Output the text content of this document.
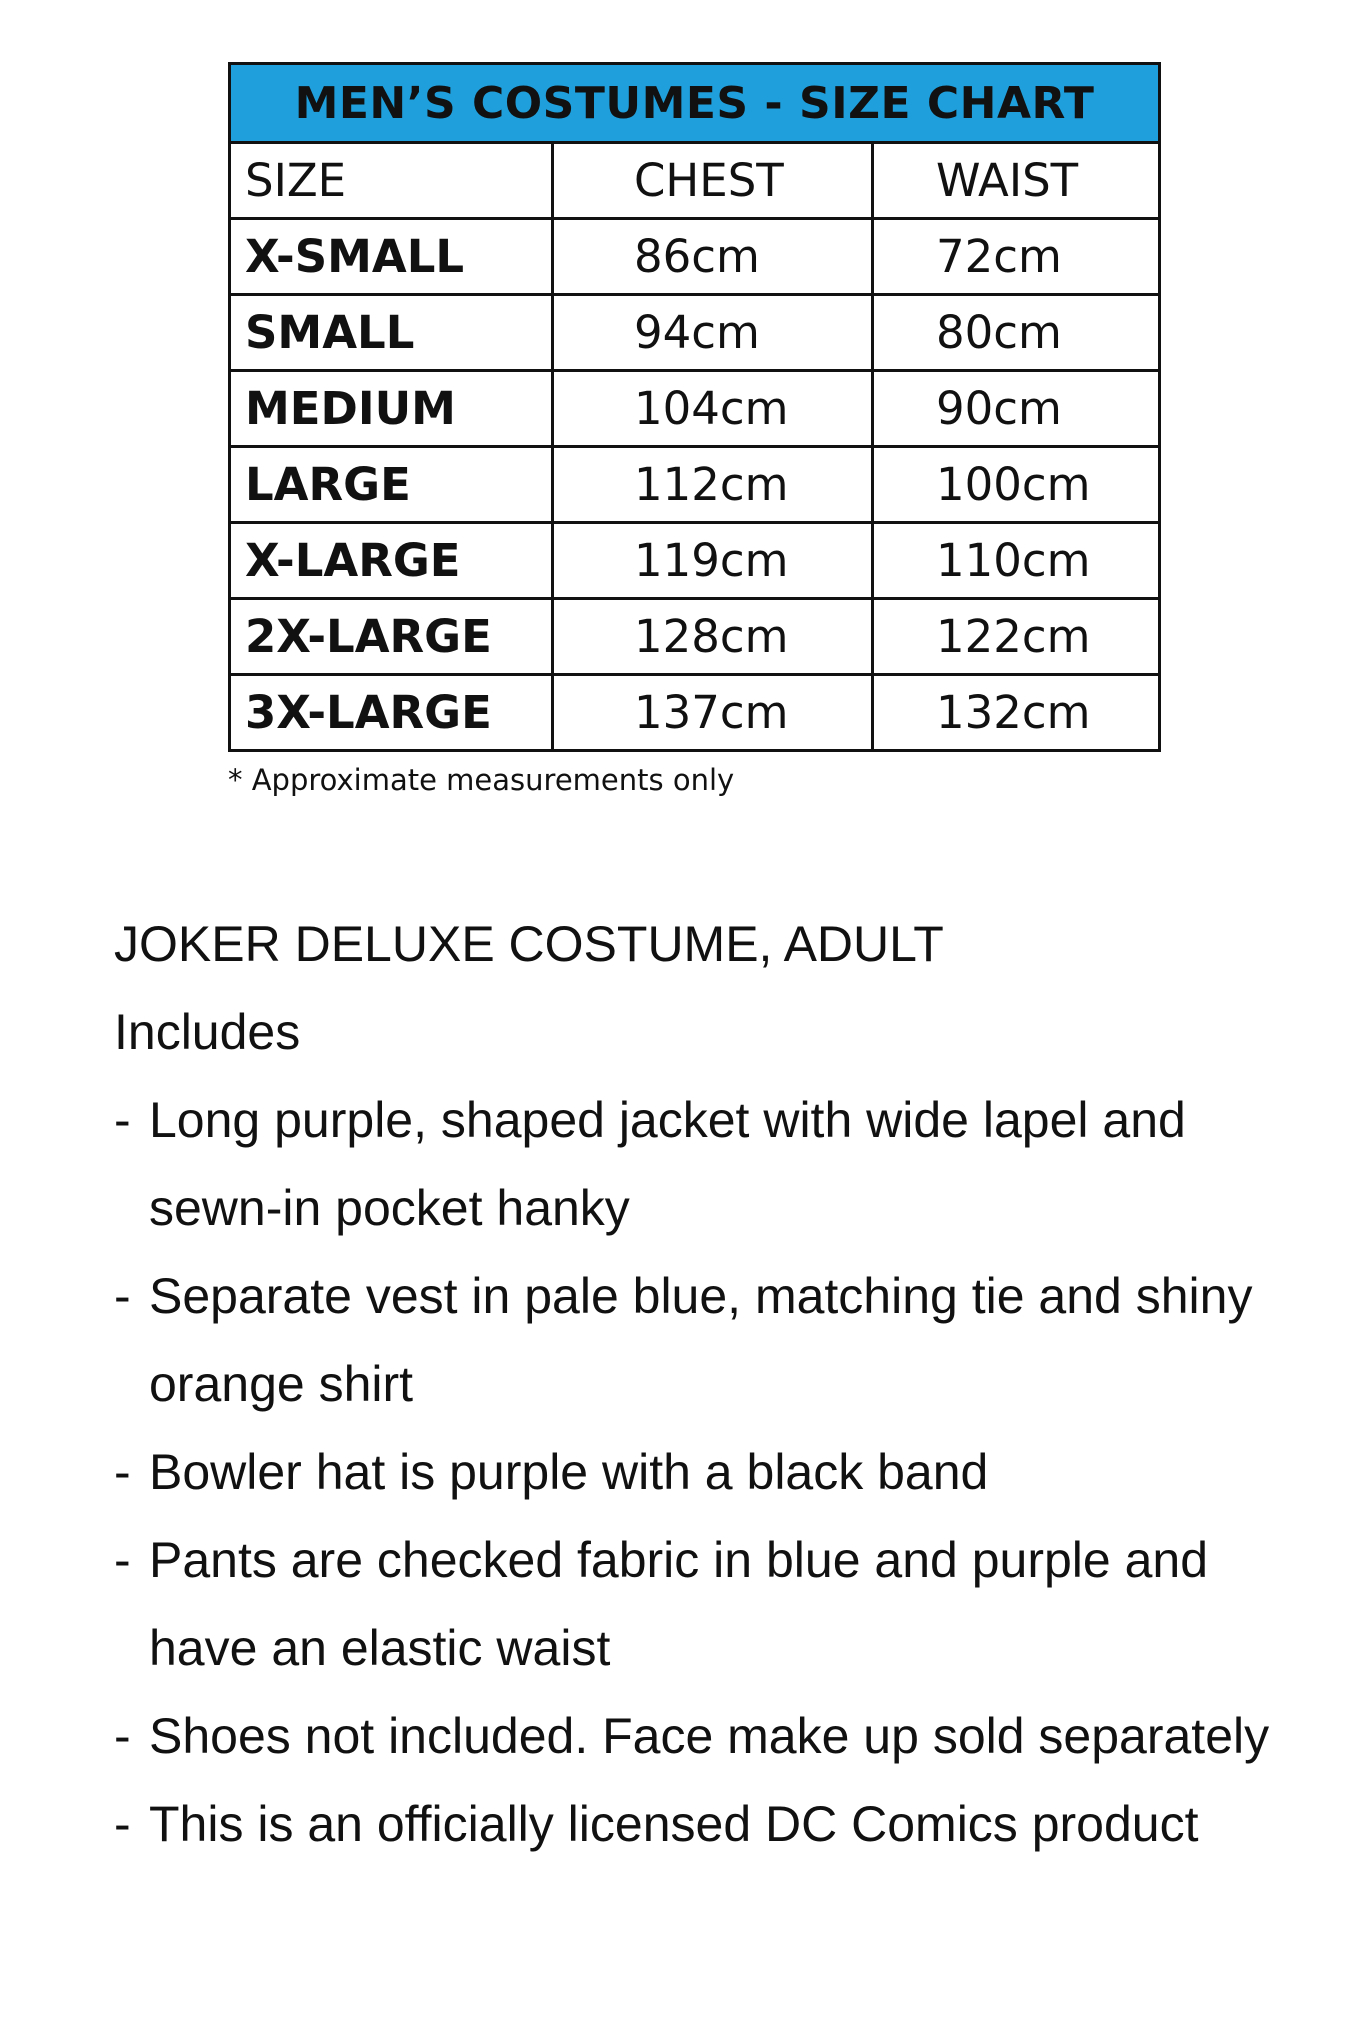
MEN’S COSTUMES - SIZE CHART		
SIZE	CHEST	WAIST
X-SMALL	86cm	72cm
SMALL	94cm	80cm
MEDIUM	104cm	90cm
LARGE	112cm	100cm
X-LARGE	119cm	110cm
2X-LARGE	128cm	122cm
3X-LARGE	137cm	132cm
* Approximate measurements only
JOKER DELUXE COSTUME, ADULT
Includes
- Long purple, shaped jacket with wide lapel and sewn-in pocket hanky
- Separate vest in pale blue, matching tie and shiny orange shirt
- Bowler hat is purple with a black band
- Pants are checked fabric in blue and purple and have an elastic waist
- Shoes not included. Face make up sold separately
- This is an officially licensed DC Comics product
